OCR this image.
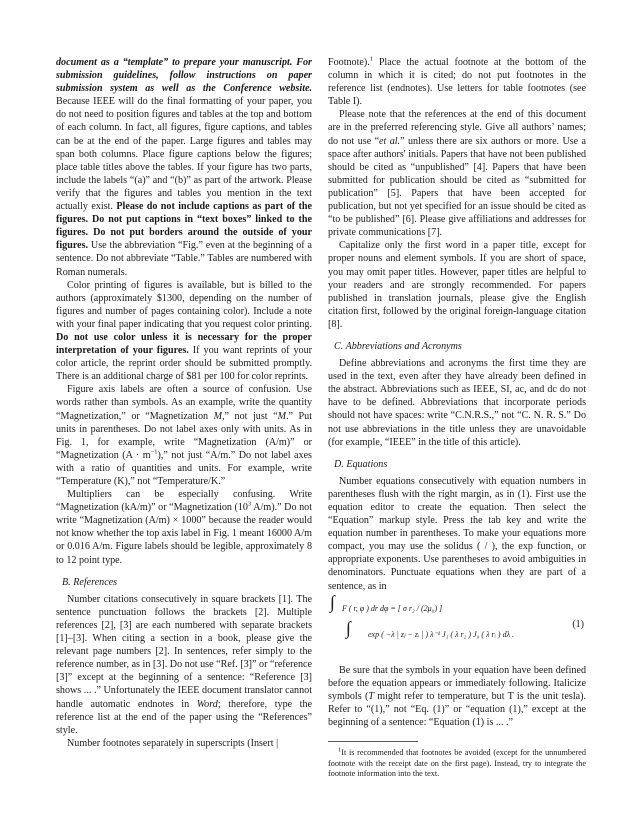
document as a “template” to prepare your manuscript. For submission guidelines, follow instructions on paper submission system as well as the Conference website. Because IEEE will do the final formatting of your paper, you do not need to position figures and tables at the top and bottom of each column. In fact, all figures, figure captions, and tables can be at the end of the paper. Large figures and tables may span both columns. Place figure captions below the figures; place table titles above the tables. If your figure has two parts, include the labels “(a)” and “(b)” as part of the artwork. Please verify that the figures and tables you mention in the text actually exist. Please do not include captions as part of the figures. Do not put captions in “text boxes” linked to the figures. Do not put borders around the outside of your figures. Use the abbreviation “Fig.” even at the beginning of a sentence. Do not abbreviate “Table.” Tables are numbered with Roman numerals.

Color printing of figures is available, but is billed to the authors (approximately $1300, depending on the number of figures and number of pages containing color). Include a note with your final paper indicating that you request color printing. Do not use color unless it is necessary for the proper interpretation of your figures. If you want reprints of your color article, the reprint order should be submitted promptly. There is an additional charge of $81 per 100 for color reprints.

Figure axis labels are often a source of confusion. Use words rather than symbols. As an example, write the quantity “Magnetization,” or “Magnetization M,” not just “M.” Put units in parentheses. Do not label axes only with units. As in Fig. 1, for example, write “Magnetization (A/m)” or “Magnetization $(A \cdot m^{-1})$,” not just “A/m.” Do not label axes with a ratio of quantities and units. For example, write “Temperature (K),” not “Temperature/K.”

Multipliers can be especially confusing. Write “Magnetization (kA/m)” or “Magnetization ($10^3$ A/m).” Do not write “Magnetization (A/m) × 1000” because the reader would not know whether the top axis label in Fig. 1 meant 16000 A/m or 0.016 A/m. Figure labels should be legible, approximately 8 to 12 point type.

B. References

Number citations consecutively in square brackets [1]. The sentence punctuation follows the brackets [2]. Multiple references [2], [3] are each numbered with separate brackets [1]–[3]. When citing a section in a book, please give the relevant page numbers [2]. In sentences, refer simply to the reference number, as in [3]. Do not use “Ref. [3]” or “reference [3]” except at the beginning of a sentence: “Reference [3] shows ... .” Unfortunately the IEEE document translator cannot handle automatic endnotes in Word; therefore, type the reference list at the end of the paper using the “References” style.

Number footnotes separately in superscripts (Insert |

Footnote).$^1$ Place the actual footnote at the bottom of the column in which it is cited; do not put footnotes in the reference list (endnotes). Use letters for table footnotes (see Table I).

Please note that the references at the end of this document are in the preferred referencing style. Give all authors’ names; do not use “et al.” unless there are six authors or more. Use a space after authors' initials. Papers that have not been published should be cited as “unpublished” [4]. Papers that have been submitted for publication should be cited as “submitted for publication” [5]. Papers that have been accepted for publication, but not yet specified for an issue should be cited as “to be published” [6]. Please give affiliations and addresses for private communications [7].

Capitalize only the first word in a paper title, except for proper nouns and element symbols. If you are short of space, you may omit paper titles. However, paper titles are helpful to your readers and are strongly recommended. For papers published in translation journals, please give the English citation first, followed by the original foreign-language citation [8].

C. Abbreviations and Acronyms

Define abbreviations and acronyms the first time they are used in the text, even after they have already been defined in the abstract. Abbreviations such as IEEE, SI, ac, and dc do not have to be defined. Abbreviations that incorporate periods should not have spaces: write “C.N.R.S.,” not “C. N. R. S.” Do not use abbreviations in the title unless they are unavoidable (for example, “IEEE” in the title of this article).

D. Equations

Number equations consecutively with equation numbers in parentheses flush with the right margin, as in (1). First use the equation editor to create the equation. Then select the “Equation” markup style. Press the tab key and write the equation number in parentheses. To make your equations more compact, you may use the solidus ( / ), the exp function, or appropriate exponents. Use parentheses to avoid ambiguities in denominators. Punctuate equations when they are part of a sentence, as in

∫ F ( r, φ ) dr dφ = [ σ r₂ / (2μ₀) ]
∫ exp ( −λ | zⱼ − zᵢ | ) λ⁻¹ J₁ ( λ r₂ ) J₀ ( λ rᵢ ) dλ .
(1)

Be sure that the symbols in your equation have been defined before the equation appears or immediately following. Italicize symbols (T might refer to temperature, but T is the unit tesla). Refer to “(1),” not “Eq. (1)” or “equation (1),” except at the beginning of a sentence: “Equation (1) is ... .”

$^1$It is recommended that footnotes be avoided (except for the unnumbered footnote with the receipt date on the first page). Instead, try to integrate the footnote information into the text.
